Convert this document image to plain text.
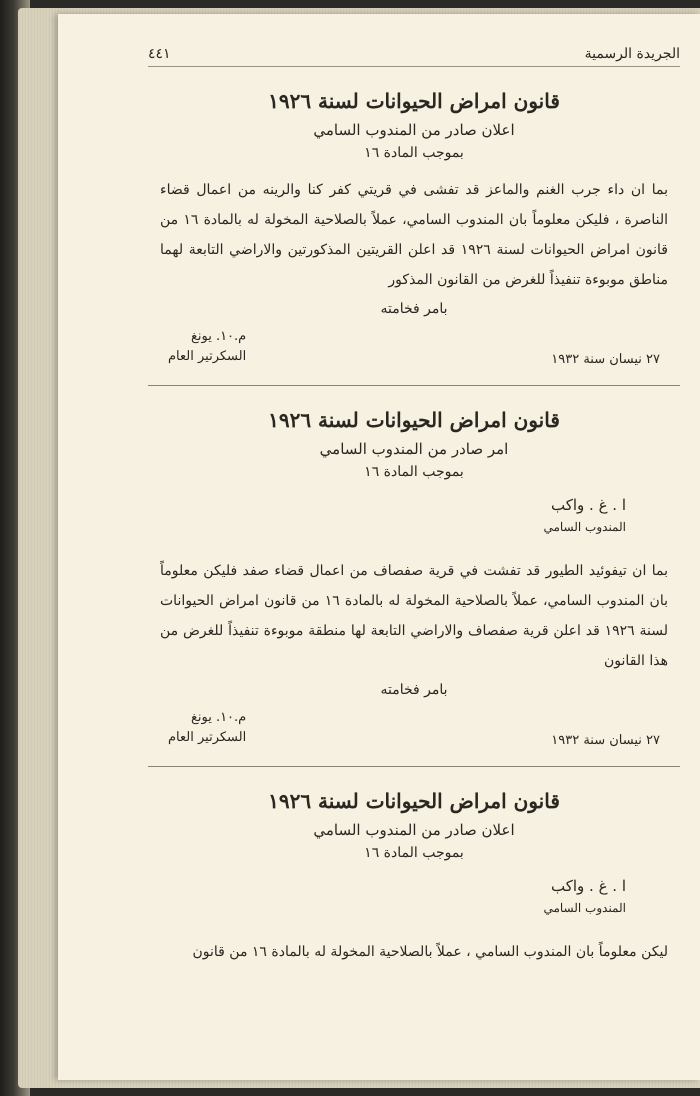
الجريدة الرسمية
٤٤١
قانون امراض الحيوانات لسنة ١٩٢٦
اعلان صادر من المندوب السامي
بموجب المادة ١٦

بما ان داء جرب الغنم والماعز قد تفشى في قريتي كفر كنا والرينه من اعمال قضاء الناصرة ، فليكن معلوماً بان المندوب السامي، عملاً بالصلاحية المخولة له بالمادة ١٦ من قانون امراض الحيوانات لسنة ١٩٢٦ قد اعلن القريتين المذكورتين والاراضي التابعة لهما مناطق موبوءة تنفيذاً للغرض من القانون المذكور

بامر فخامته
٢٧ نيسان سنة ١٩٣٢
م.١٠. يونغ
السكرتير العام
قانون امراض الحيوانات لسنة ١٩٢٦
امر صادر من المندوب السامي
بموجب المادة ١٦
ا . غ . واكب
المندوب السامي

بما ان تيفوئيد الطيور قد تفشت في قرية صفصاف من اعمال قضاء صفد فليكن معلوماً بان المندوب السامي، عملاً بالصلاحية المخولة له بالمادة ١٦ من قانون امراض الحيوانات لسنة ١٩٢٦ قد اعلن قرية صفصاف والاراضي التابعة لها منطقة موبوءة تنفيذاً للغرض من هذا القانون

بامر فخامته
٢٧ نيسان سنة ١٩٣٢
م.١٠. يونغ
السكرتير العام
قانون امراض الحيوانات لسنة ١٩٢٦
اعلان صادر من المندوب السامي
بموجب المادة ١٦
ا . غ . واكب
المندوب السامي

ليكن معلوماً بان المندوب السامي ، عملاً بالصلاحية المخولة له بالمادة ١٦ من قانون
